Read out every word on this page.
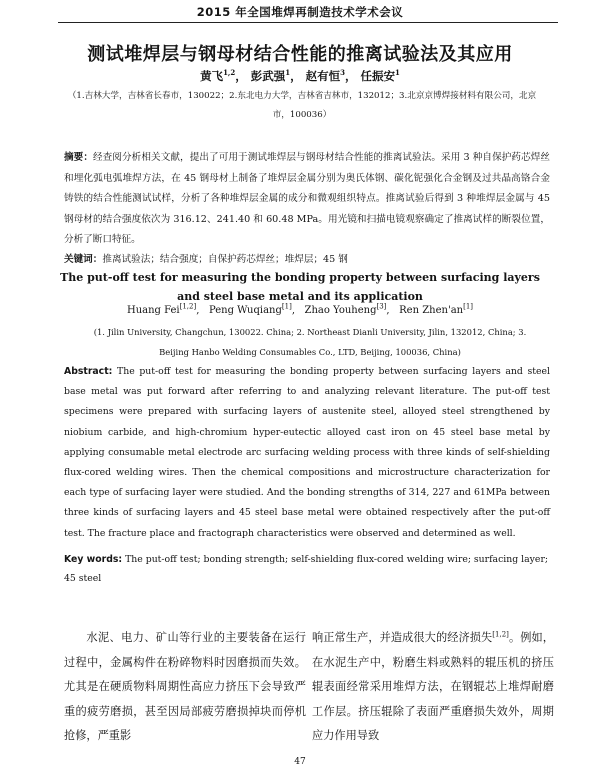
2015 年全国堆焊再制造技术学术会议
测试堆焊层与钢母材结合性能的推离试验法及其应用
黄飞$^{1,2}$， 彭武强$^1$， 赵有恒$^3$， 任振安$^1$
（1.吉林大学，吉林省长春市，130022；2.东北电力大学，吉林省吉林市，132012；3.北京京博焊接材料有限公司，北京市，100036）
摘要：经查阅分析相关文献，提出了可用于测试堆焊层与钢母材结合性能的推离试验法。采用 3 种自保护药芯焊丝和埋化弧电弧堆焊方法，在 45 钢母材上制备了堆焊层金属分别为奥氏体钢、碳化铌强化合金钢及过共晶高铬合金铸铁的结合性能测试试样，分析了各种堆焊层金属的成分和微观组织特点。推离试验后得到 3 种堆焊层金属与 45 钢母材的结合强度依次为 316.12、241.40 和 60.48 MPa。用光镜和扫描电镜观察确定了推离试样的断裂位置，分析了断口特征。
关键词：推离试验法；结合强度；自保护药芯焊丝；堆焊层；45 钢
The put-off test for measuring the bonding property between surfacing layers
and steel base metal and its application
Huang Fei[1,2],   Peng Wuqiang[1],   Zhao Youheng[3],   Ren Zhen'an[1]
(1. Jilin University, Changchun, 130022. China; 2. Northeast Dianli University, Jilin, 132012, China; 3. Beijing Hanbo Welding Consumables Co., LTD, Beijing, 100036, China)
Abstract: The put-off test for measuring the bonding property between surfacing layers and steel base metal was put forward after referring to and analyzing relevant literature. The put-off test specimens were prepared with surfacing layers of austenite steel, alloyed steel strengthened by niobium carbide, and high-chromium hyper-eutectic alloyed cast iron on 45 steel base metal by applying consumable metal electrode arc surfacing welding process with three kinds of self-shielding flux-cored welding wires. Then the chemical compositions and microstructure characterization for each type of surfacing layer were studied. And the bonding strengths of 314, 227 and 61MPa between three kinds of surfacing layers and 45 steel base metal were obtained respectively after the put-off test. The fracture place and fractograph characteristics were observed and determined as well.
Key words: The put-off test; bonding strength; self-shielding flux-cored welding wire; surfacing layer; 45 steel
水泥、电力、矿山等行业的主要装备在运行过程中，金属构件在粉碎物料时因磨损而失效。尤其是在硬质物料周期性高应力挤压下会导致严重的疲劳磨损，甚至因局部疲劳磨损掉块而停机抢修，严重影
响正常生产，并造成很大的经济损失[1,2]。例如，在水泥生产中，粉磨生料或熟料的辊压机的挤压辊表面经常采用堆焊方法，在钢辊芯上堆焊耐磨工作层。挤压辊除了表面严重磨损失效外，周期应力作用导致
47
